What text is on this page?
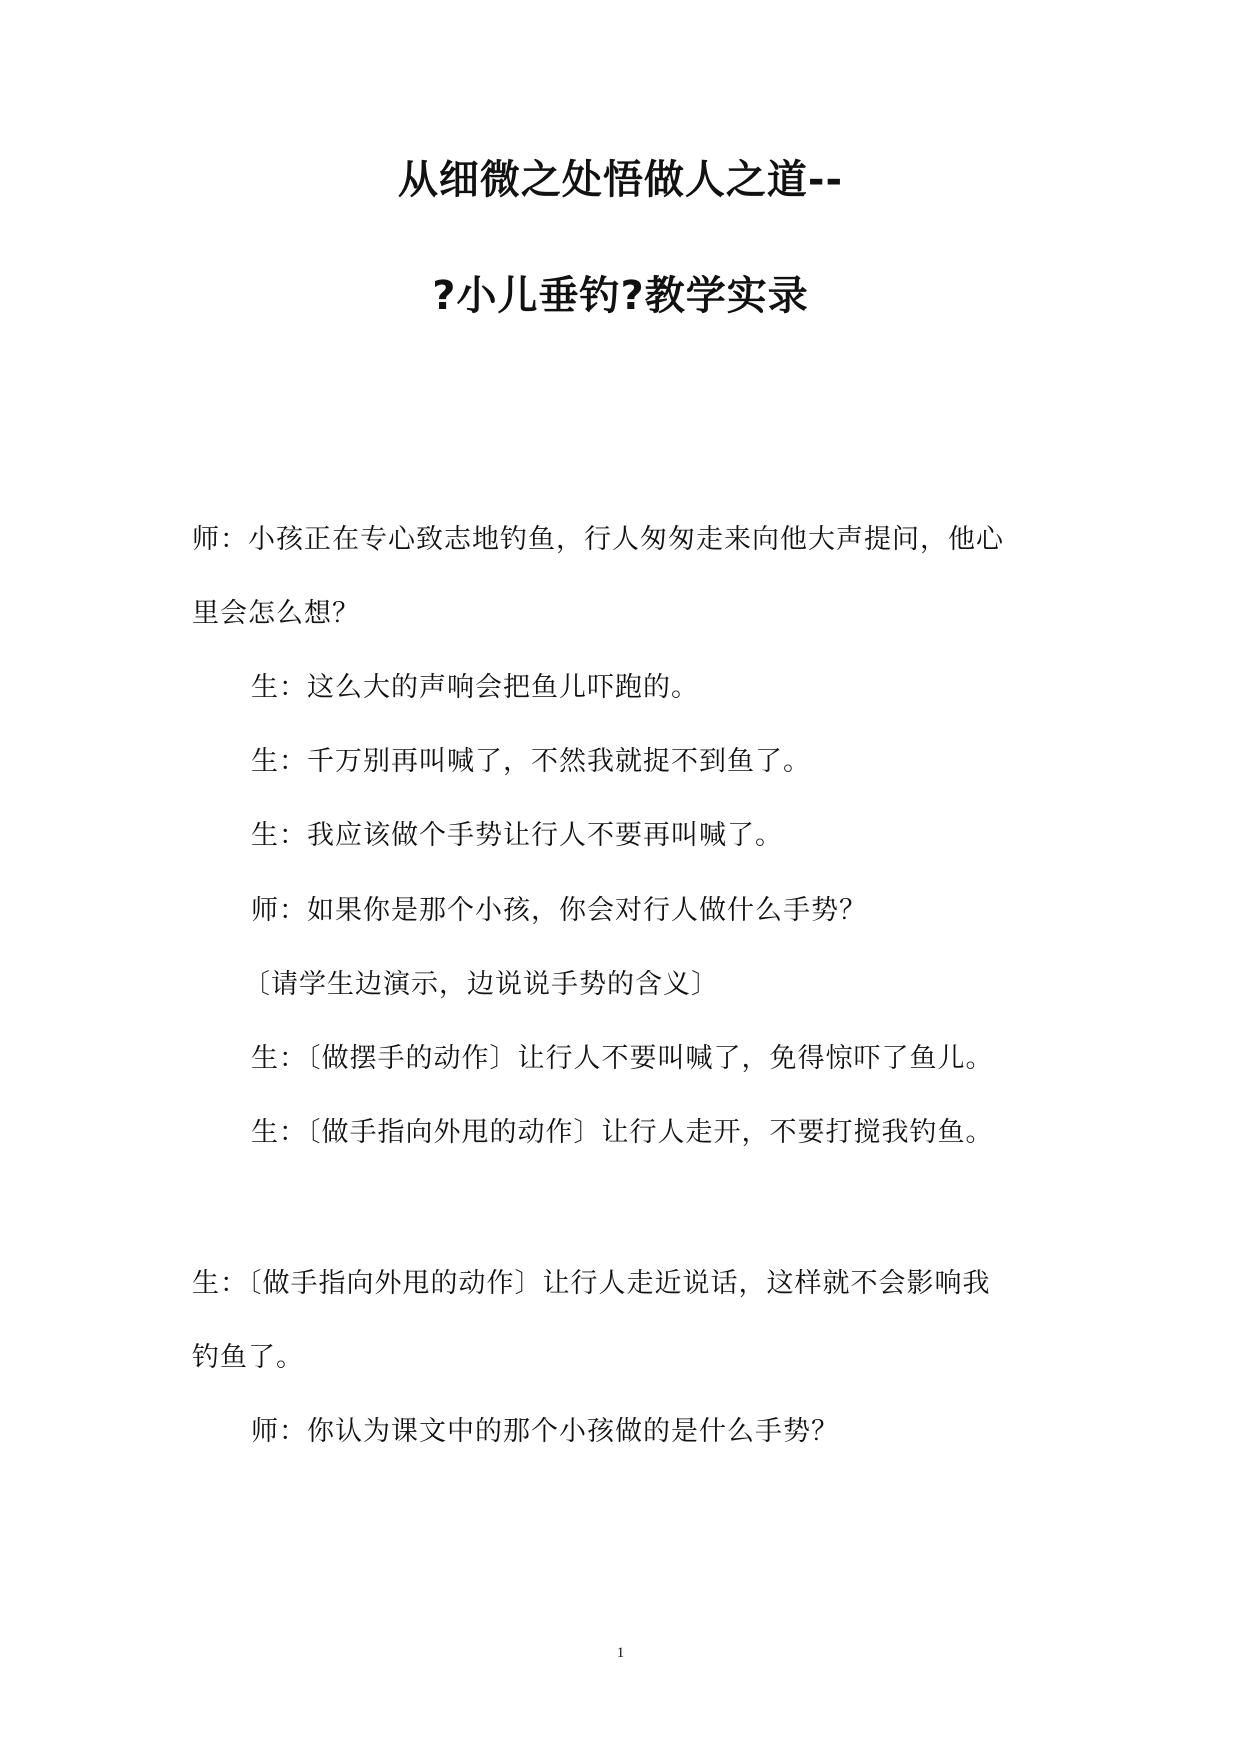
从细微之处悟做人之道--
?小儿垂钓?教学实录

师：小孩正在专心致志地钓鱼，行人匆匆走来向他大声提问，他心

里会怎么想？

生：这么大的声响会把鱼儿吓跑的。

生：千万别再叫喊了，不然我就捉不到鱼了。

生：我应该做个手势让行人不要再叫喊了。

师：如果你是那个小孩，你会对行人做什么手势？

〔请学生边演示，边说说手势的含义〕

生：〔做摆手的动作〕让行人不要叫喊了，免得惊吓了鱼儿。

生：〔做手指向外甩的动作〕让行人走开，不要打搅我钓鱼。

生：〔做手指向外甩的动作〕让行人走近说话，这样就不会影响我

钓鱼了。

师：你认为课文中的那个小孩做的是什么手势？

1
